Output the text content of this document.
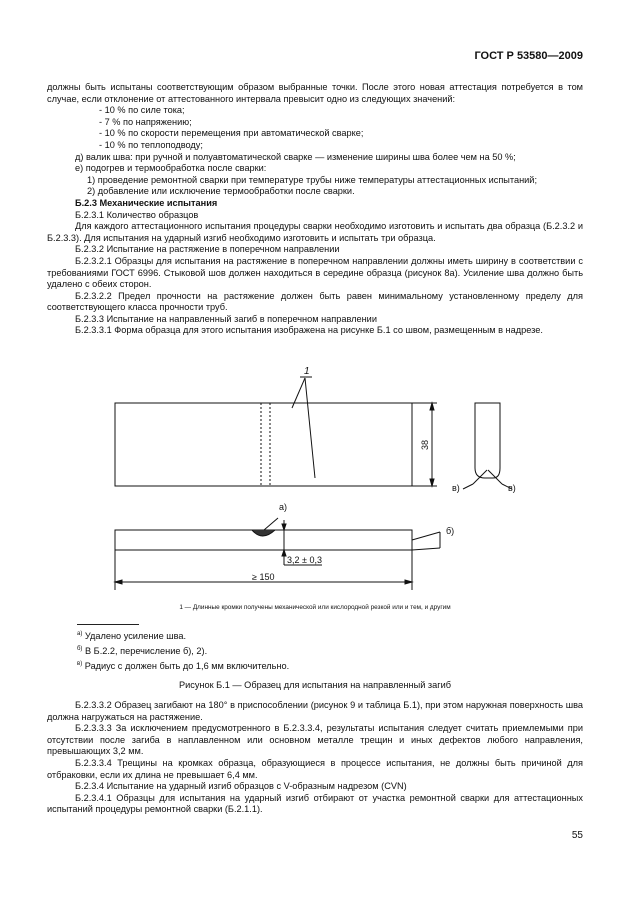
ГОСТ Р 53580—2009

должны быть испытаны соответствующим образом выбранные точки. После этого новая аттестация потребуется в том случае, если отклонение от аттестованного интервала превысит одно из следующих значений:

- 10 % по силе тока;

- 7 % по напряжению;

- 10 % по скорости перемещения при автоматической сварке;

- 10 % по теплоподводу;

д) валик шва: при ручной и полуавтоматической сварке — изменение ширины шва более чем на 50 %;

е) подогрев и термообработка после сварки:

1) проведение ремонтной сварки при температуре трубы ниже температуры аттестационных испытаний;

2) добавление или исключение термообработки после сварки.

Б.2.3 Механические испытания

Б.2.3.1 Количество образцов

Для каждого аттестационного испытания процедуры сварки необходимо изготовить и испытать два образца (Б.2.3.2 и Б.2.3.3). Для испытания на ударный изгиб необходимо изготовить и испытать три образца.

Б.2.3.2 Испытание на растяжение в поперечном направлении

Б.2.3.2.1 Образцы для испытания на растяжение в поперечном направлении должны иметь ширину в соответствии с требованиями ГОСТ 6996. Стыковой шов должен находиться в середине образца (рисунок 8а). Усиление шва должно быть удалено с обеих сторон.

Б.2.3.2.2 Предел прочности на растяжение должен быть равен минимальному установленному пределу для соответствующего класса прочности труб.

Б.2.3.3 Испытание на направленный загиб в поперечном направлении

Б.2.3.3.1 Форма образца для этого испытания изображена на рисунке Б.1 со швом, размещенным в надрезе.

1
38
≥ 150
3,2 ± 0,3
а)
б)
в)	в)
1 — Длинные кромки получены механической или кислородной резкой или и тем, и другим
$^{а)}$ Удалено усиление шва.
$^{б)}$ В Б.2.2, перечисление б), 2).
$^{в)}$ Радиус с должен быть до 1,6 мм включительно.
Рисунок Б.1 — Образец для испытания на направленный загиб

Б.2.3.3.2 Образец загибают на 180° в приспособлении (рисунок 9 и таблица Б.1), при этом наружная поверхность шва должна нагружаться на растяжение.

Б.2.3.3.3 За исключением предусмотренного в Б.2.3.3.4, результаты испытания следует считать приемлемыми при отсутствии после загиба в наплавленном или основном металле трещин и иных дефектов любого направления, превышающих 3,2 мм.

Б.2.3.3.4 Трещины на кромках образца, образующиеся в процессе испытания, не должны быть причиной для отбраковки, если их длина не превышает 6,4 мм.

Б.2.3.4 Испытание на ударный изгиб образцов с V-образным надрезом (CVN)

Б.2.3.4.1 Образцы для испытания на ударный изгиб отбирают от участка ремонтной сварки для аттестационных испытаний процедуры ремонтной сварки (Б.2.1.1).

55
